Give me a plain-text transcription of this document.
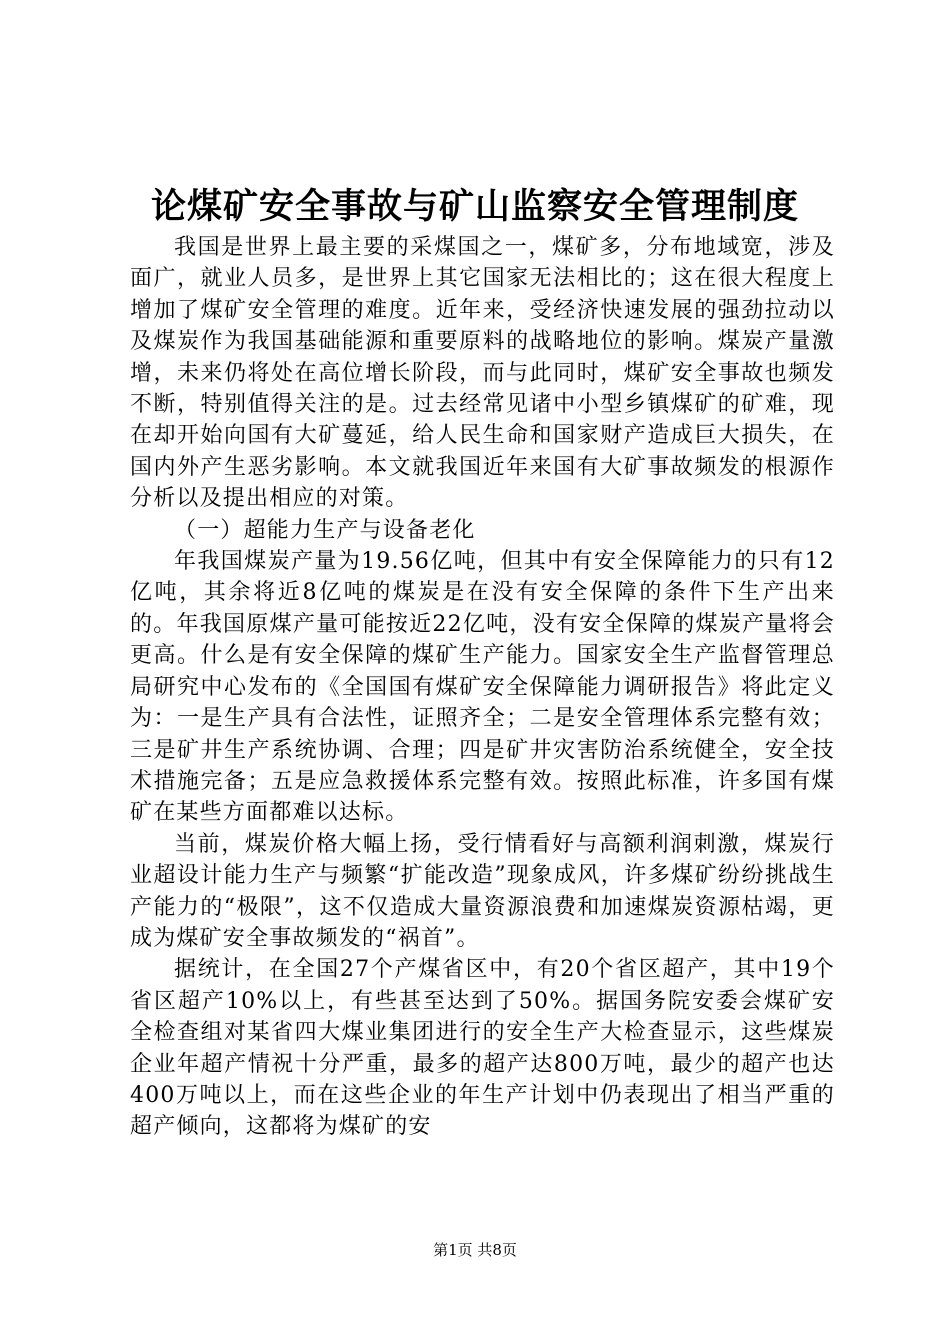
论煤矿安全事故与矿山监察安全管理制度

我国是世界上最主要的采煤国之一，煤矿多，分布地域宽，涉及面广，就业人员多，是世界上其它国家无法相比的；这在很大程度上增加了煤矿安全管理的难度。近年来，受经济快速发展的强劲拉动以及煤炭作为我国基础能源和重要原料的战略地位的影响。煤炭产量激增，未来仍将处在高位增长阶段，而与此同时，煤矿安全事故也频发不断，特别值得关注的是。过去经常见诸中小型乡镇煤矿的矿难，现在却开始向国有大矿蔓延，给人民生命和国家财产造成巨大损失，在国内外产生恶劣影响。本文就我国近年来国有大矿事故频发的根源作分析以及提出相应的对策。

（一）超能力生产与设备老化

年我国煤炭产量为19.56亿吨，但其中有安全保障能力的只有12亿吨，其余将近8亿吨的煤炭是在没有安全保障的条件下生产出来的。年我国原煤产量可能按近22亿吨，没有安全保障的煤炭产量将会更高。什么是有安全保障的煤矿生产能力。国家安全生产监督管理总局研究中心发布的《全国国有煤矿安全保障能力调研报告》将此定义为：一是生产具有合法性，证照齐全；二是安全管理体系完整有效；三是矿井生产系统协调、合理；四是矿井灾害防治系统健全，安全技术措施完备；五是应急救援体系完整有效。按照此标准，许多国有煤矿在某些方面都难以达标。

当前，煤炭价格大幅上扬，受行情看好与高额利润刺激，煤炭行业超设计能力生产与频繁“扩能改造”现象成风，许多煤矿纷纷挑战生产能力的“极限”，这不仅造成大量资源浪费和加速煤炭资源枯竭，更成为煤矿安全事故频发的“祸首”。

据统计，在全国27个产煤省区中，有20个省区超产，其中19个省区超产10%以上，有些甚至达到了50%。据国务院安委会煤矿安全检查组对某省四大煤业集团进行的安全生产大检查显示，这些煤炭企业年超产情祝十分严重，最多的超产达800万吨，最少的超产也达400万吨以上，而在这些企业的年生产计划中仍表现出了相当严重的超产倾向，这都将为煤矿的安

第1页 共8页
